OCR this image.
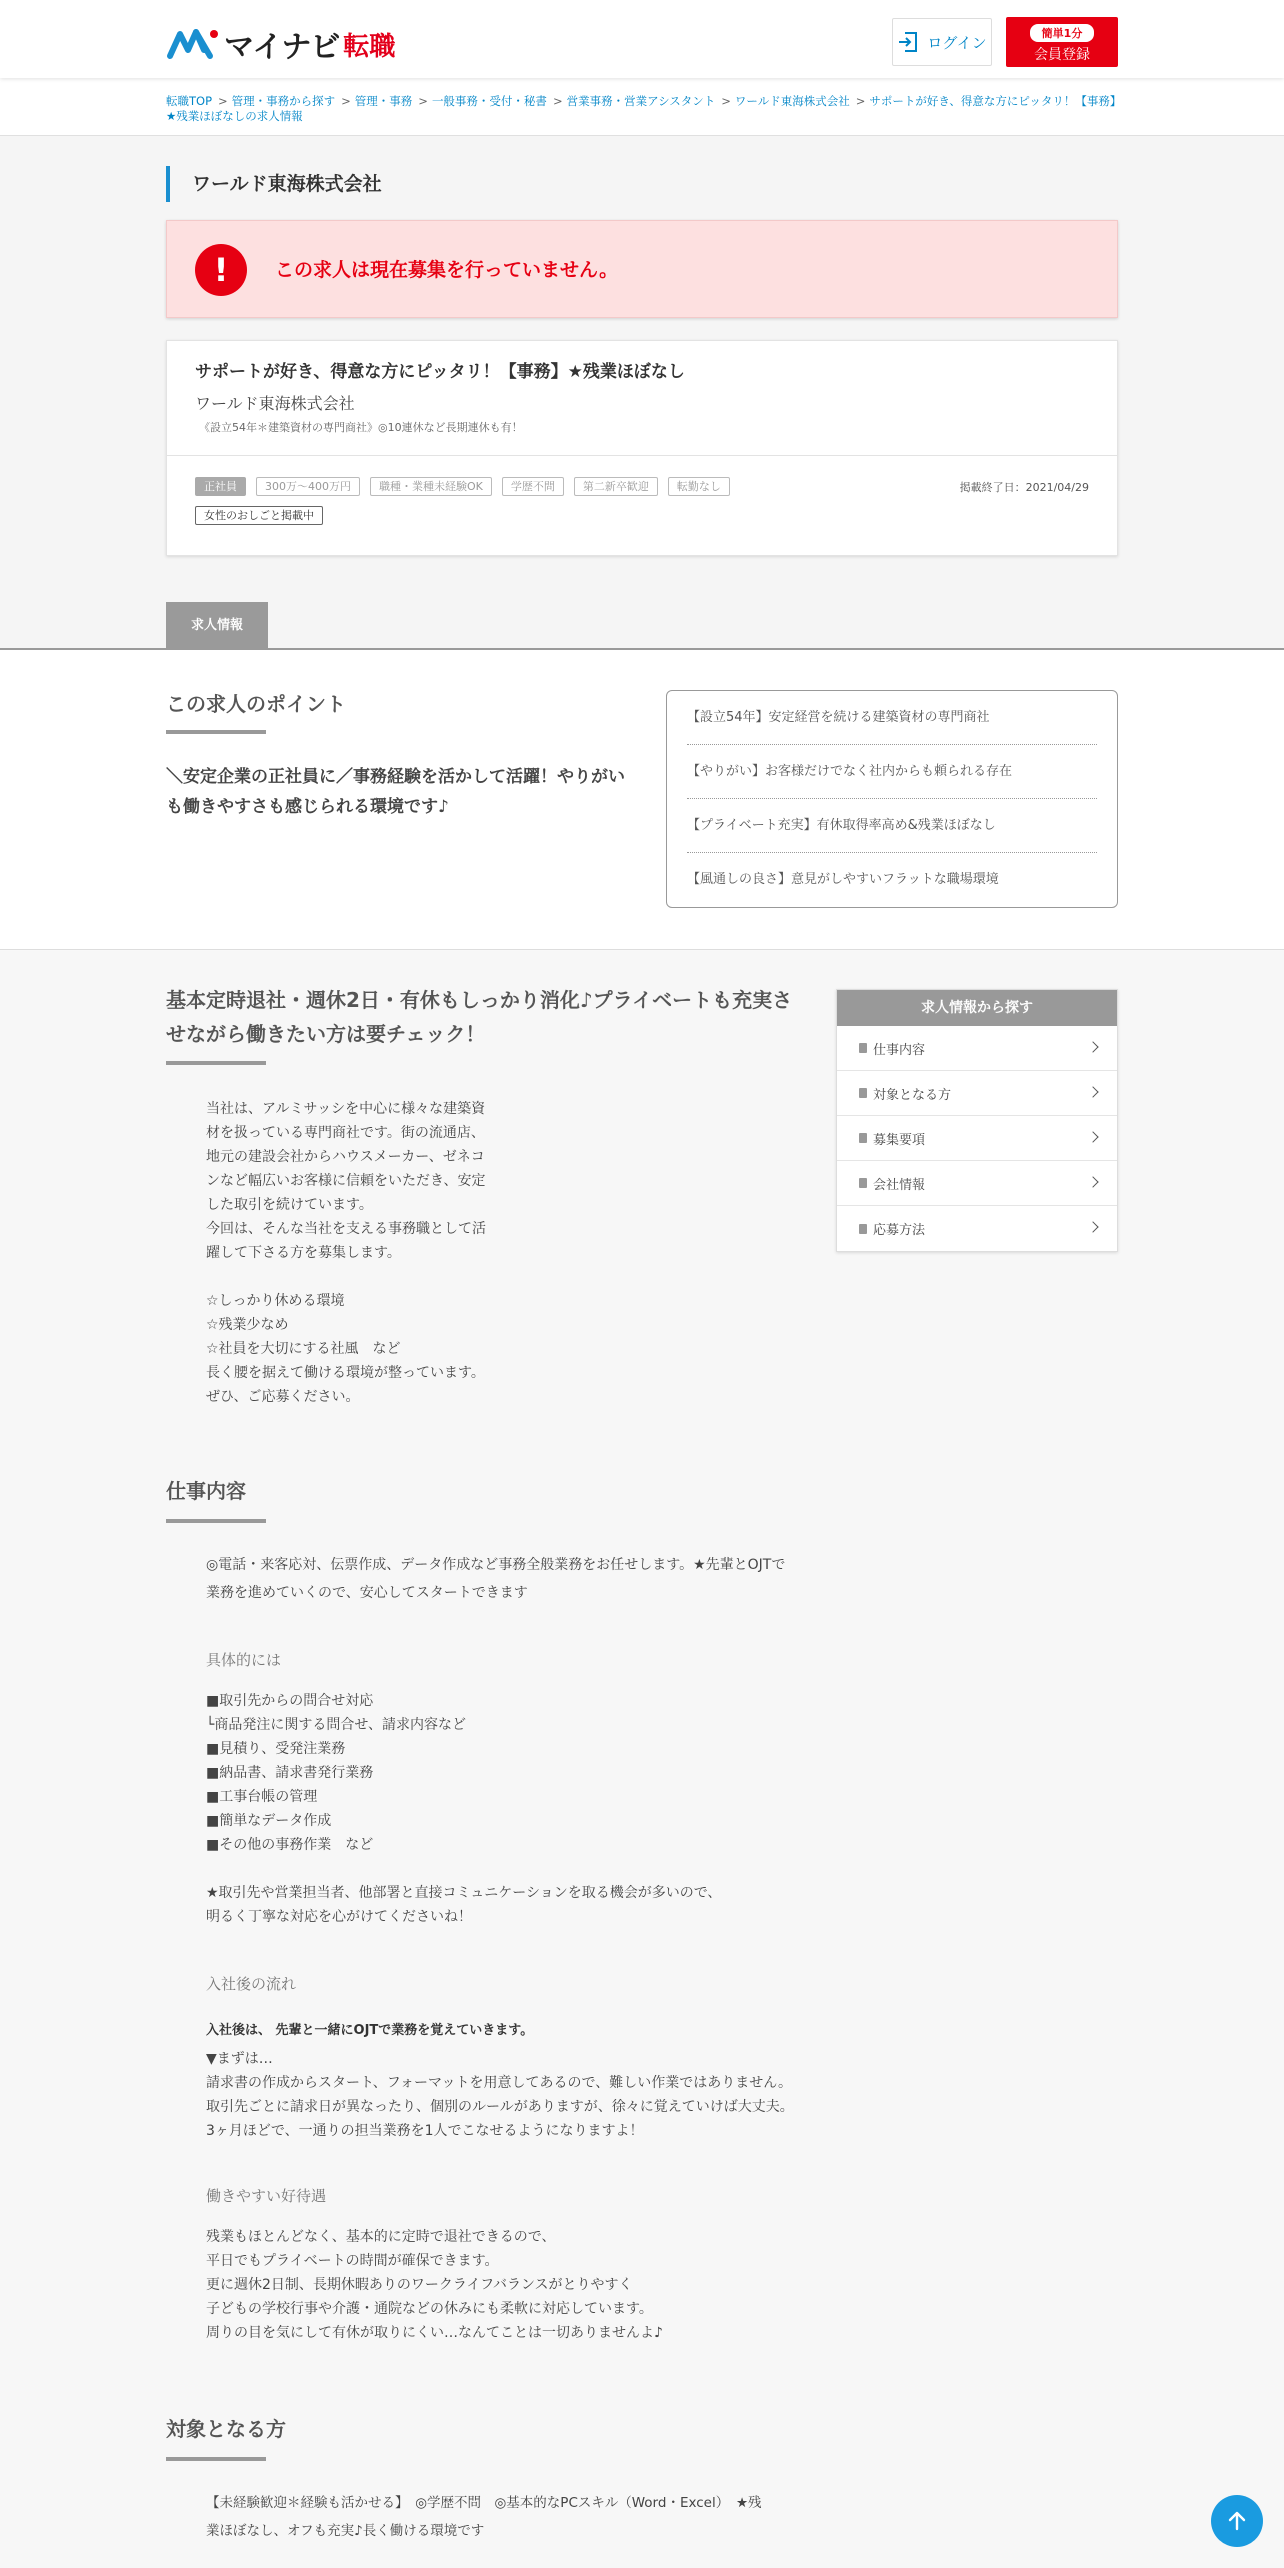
マイナビ 転職	ログイン	簡単1分
会員登録
転職TOP > 管理・事務から探す > 管理・事務 > 一般事務・受付・秘書 > 営業事務・営業アシスタント > ワールド東海株式会社 > サポートが好き、得意な方にピッタリ！【事務】★残業ほぼなしの求人情報
ワールド東海株式会社
!	この求人は現在募集を行っていません。
サポートが好き、得意な方にピッタリ！【事務】★残業ほぼなし
ワールド東海株式会社
《設立54年＊建築資材の専門商社》◎10連休など長期連休も有！
正社員	300万～400万円	職種・業種未経験OK	学歴不問	第二新卒歓迎	転勤なし
女性のおしごと掲載中
掲載終了日：2021/04/29
求人情報
この求人のポイント
＼安定企業の正社員に／事務経験を活かして活躍！やりがいも働きやすさも感じられる環境です♪
【設立54年】安定経営を続ける建築資材の専門商社
【やりがい】お客様だけでなく社内からも頼られる存在
【プライベート充実】有休取得率高め&残業ほぼなし
【風通しの良さ】意見がしやすいフラットな職場環境
基本定時退社・週休2日・有休もしっかり消化♪プライベートも充実させながら働きたい方は要チェック！
当社は、アルミサッシを中心に様々な建築資
材を扱っている専門商社です。街の流通店、
地元の建設会社からハウスメーカー、ゼネコ
ンなど幅広いお客様に信頼をいただき、安定
した取引を続けています。
今回は、そんな当社を支える事務職として活
躍して下さる方を募集します。

☆しっかり休める環境
☆残業少なめ
☆社員を大切にする社風　など
長く腰を据えて働ける環境が整っています。
ぜひ、ご応募ください。
求人情報から探す
仕事内容
対象となる方
募集要項
会社情報
応募方法
仕事内容
◎電話・来客応対、伝票作成、データ作成など事務全般業務をお任せします。★先輩とOJTで
業務を進めていくので、安心してスタートできます
具体的には
■取引先からの問合せ対応
└商品発注に関する問合せ、請求内容など
■見積り、受発注業務
■納品書、請求書発行業務
■工事台帳の管理
■簡単なデータ作成
■その他の事務作業　など

★取引先や営業担当者、他部署と直接コミュニケーションを取る機会が多いので、
明るく丁寧な対応を心がけてくださいね！
入社後の流れ
入社後は、 先輩と一緒にOJTで業務を覚えていきます。
▼まずは…
請求書の作成からスタート、フォーマットを用意してあるので、難しい作業ではありません。
取引先ごとに請求日が異なったり、個別のルールがありますが、徐々に覚えていけば大丈夫。
3ヶ月ほどで、一通りの担当業務を1人でこなせるようになりますよ！
働きやすい好待遇
残業もほとんどなく、基本的に定時で退社できるので、
平日でもプライベートの時間が確保できます。
更に週休2日制、長期休暇ありのワークライフバランスがとりやすく
子どもの学校行事や介護・通院などの休みにも柔軟に対応しています。
周りの目を気にして有休が取りにくい…なんてことは一切ありませんよ♪
対象となる方
【未経験歓迎＊経験も活かせる】　◎学歴不問　◎基本的なPCスキル（Word・Excel）　★残
業ほぼなし、オフも充実♪長く働ける環境です
